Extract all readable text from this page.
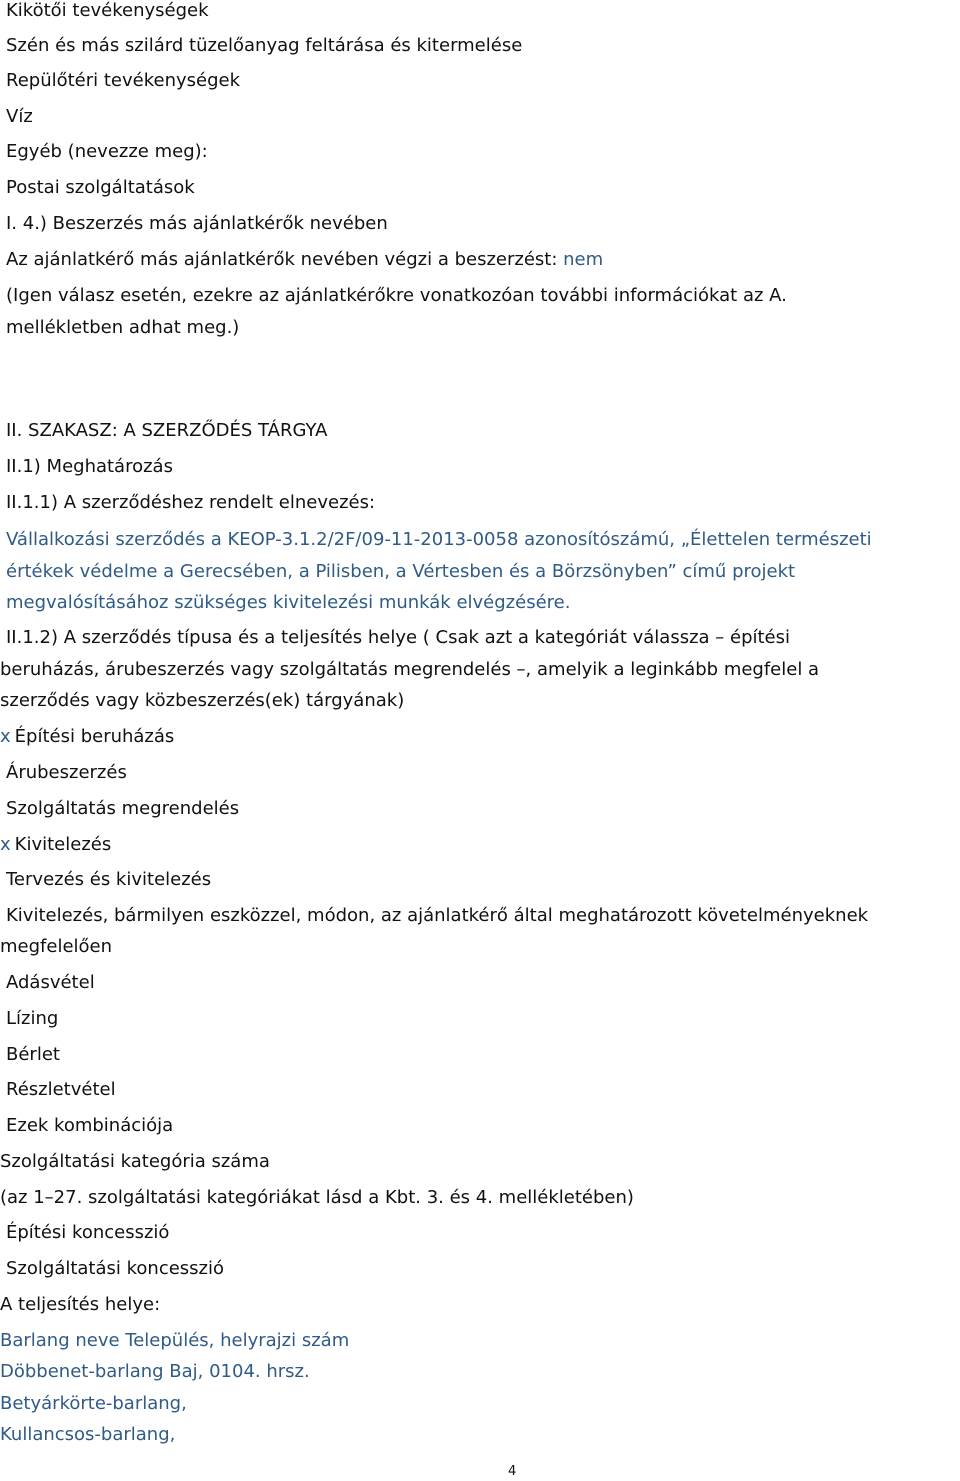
Kikötői tevékenységek
Szén és más szilárd tüzelőanyag feltárása és kitermelése
Repülőtéri tevékenységek
Víz
Egyéb (nevezze meg):
Postai szolgáltatások
I. 4.) Beszerzés más ajánlatkérők nevében
Az ajánlatkérő más ajánlatkérők nevében végzi a beszerzést: nem
(Igen válasz esetén, ezekre az ajánlatkérőkre vonatkozóan további információkat az A.
mellékletben adhat meg.)
II. SZAKASZ: A SZERZŐDÉS TÁRGYA
II.1) Meghatározás
II.1.1) A szerződéshez rendelt elnevezés:
Vállalkozási szerződés a KEOP-3.1.2/2F/09-11-2013-0058 azonosítószámú, „Élettelen természeti
értékek védelme a Gerecsében, a Pilisben, a Vértesben és a Börzsönyben” című projekt
megvalósításához szükséges kivitelezési munkák elvégzésére.
II.1.2) A szerződés típusa és a teljesítés helye ( Csak azt a kategóriát válassza – építési
beruházás, árubeszerzés vagy szolgáltatás megrendelés –, amelyik a leginkább megfelel a
szerződés vagy közbeszerzés(ek) tárgyának)
x Építési beruházás
Árubeszerzés
Szolgáltatás megrendelés
x Kivitelezés
Tervezés és kivitelezés
Kivitelezés, bármilyen eszközzel, módon, az ajánlatkérő által meghatározott követelményeknek
megfelelően
Adásvétel
Lízing
Bérlet
Részletvétel
Ezek kombinációja
Szolgáltatási kategória száma
(az 1–27. szolgáltatási kategóriákat lásd a Kbt. 3. és 4. mellékletében)
Építési koncesszió
Szolgáltatási koncesszió
A teljesítés helye:
Barlang neve Település, helyrajzi szám
Döbbenet-barlang Baj, 0104. hrsz.
Betyárkörte-barlang,
Kullancsos-barlang,
4
